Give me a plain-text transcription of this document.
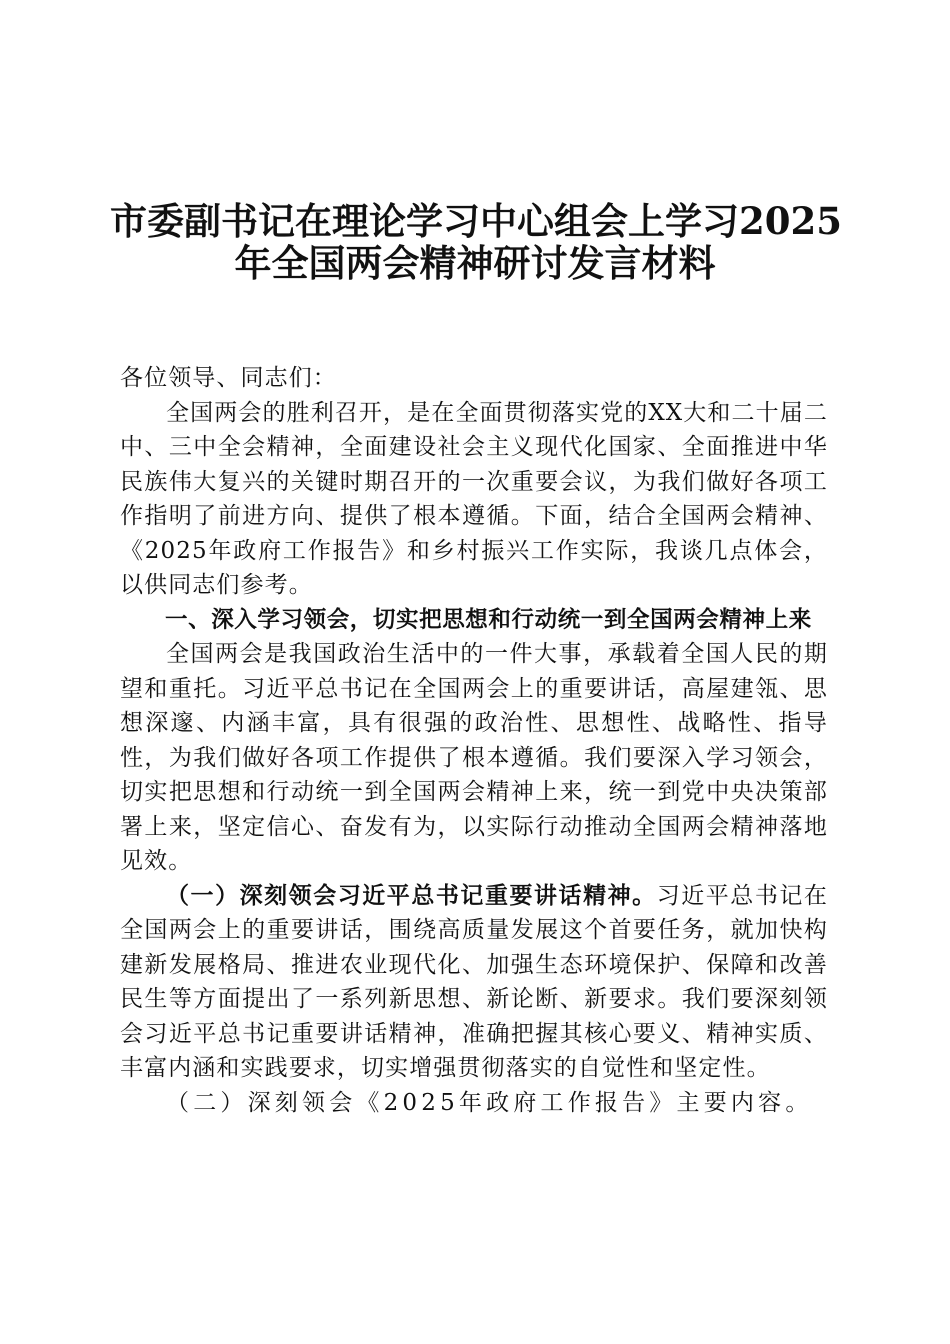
市委副书记在理论学习中心组会上学习2025
年全国两会精神研讨发言材料

各位领导、同志们：

全国两会的胜利召开，是在全面贯彻落实党的XX大和二十届二中、三中全会精神，全面建设社会主义现代化国家、全面推进中华民族伟大复兴的关键时期召开的一次重要会议，为我们做好各项工作指明了前进方向、提供了根本遵循。下面，结合全国两会精神、《2025年政府工作报告》和乡村振兴工作实际，我谈几点体会，以供同志们参考。

一、深入学习领会，切实把思想和行动统一到全国两会精神上来

全国两会是我国政治生活中的一件大事，承载着全国人民的期望和重托。习近平总书记在全国两会上的重要讲话，高屋建瓴、思想深邃、内涵丰富，具有很强的政治性、思想性、战略性、指导性，为我们做好各项工作提供了根本遵循。我们要深入学习领会，切实把思想和行动统一到全国两会精神上来，统一到党中央决策部署上来，坚定信心、奋发有为，以实际行动推动全国两会精神落地见效。

（一）深刻领会习近平总书记重要讲话精神。习近平总书记在全国两会上的重要讲话，围绕高质量发展这个首要任务，就加快构建新发展格局、推进农业现代化、加强生态环境保护、保障和改善民生等方面提出了一系列新思想、新论断、新要求。我们要深刻领会习近平总书记重要讲话精神，准确把握其核心要义、精神实质、丰富内涵和实践要求，切实增强贯彻落实的自觉性和坚定性。

（二）深刻领会《2025年政府工作报告》主要内容。
